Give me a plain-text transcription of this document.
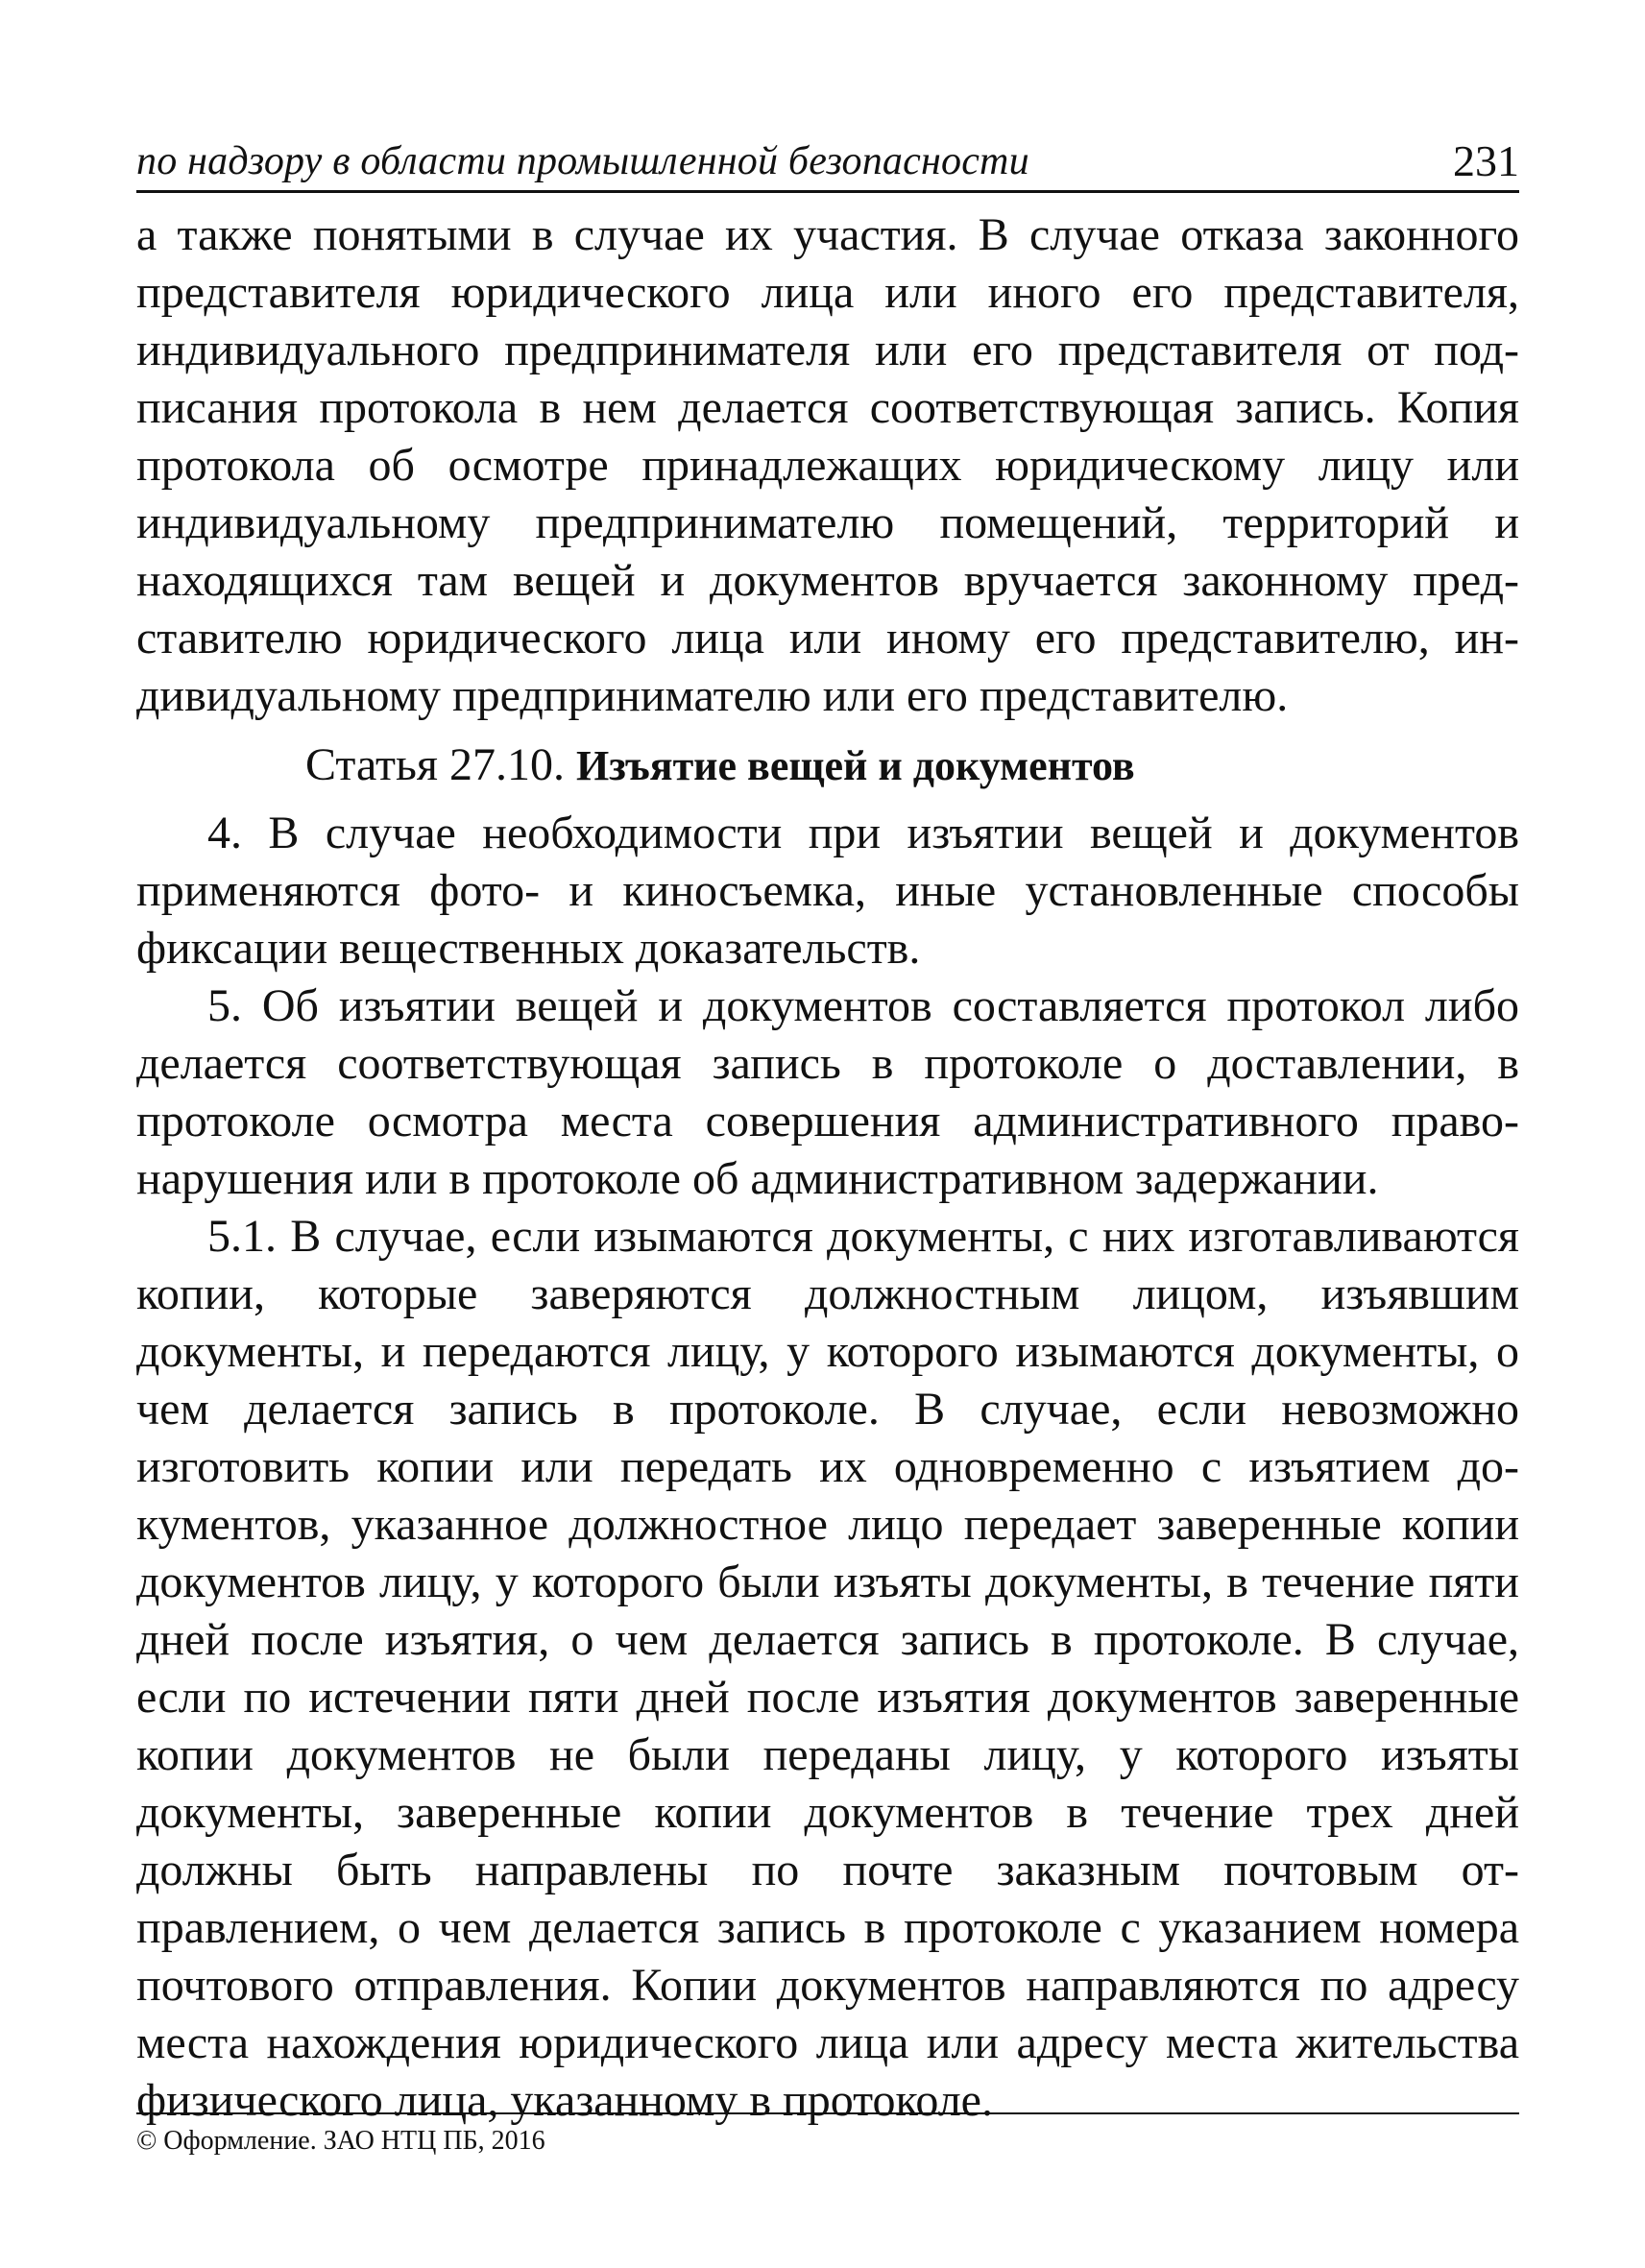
по надзору в области промышленной безопасности	231

а также понятыми в случае их участия. В случае отказа законного представителя юридического лица или иного его представителя, индивидуального предпринимателя или его представителя от подписания протокола в нем делается соответствующая запись. Копия протокола об осмотре принадлежащих юридическому лицу или индивидуальному предпринимателю помещений, территорий и находящихся там вещей и документов вручается законному представителю юридического лица или иному его представителю, индивидуальному предпринимателю или его представителю.

Статья 27.10. Изъятие вещей и документов

4. В случае необходимости при изъятии вещей и документов применяются фото- и киносъемка, иные установленные способы фиксации вещественных доказательств.

5. Об изъятии вещей и документов составляется протокол либо делается соответствующая запись в протоколе о доставлении, в протоколе осмотра места совершения административного правонарушения или в протоколе об административном задержании.

5.1. В случае, если изымаются документы, с них изготавливаются копии, которые заверяются должностным лицом, изъявшим документы, и передаются лицу, у которого изымаются документы, о чем делается запись в протоколе. В случае, если невозможно изготовить копии или передать их одновременно с изъятием документов, указанное должностное лицо передает заверенные копии документов лицу, у которого были изъяты документы, в течение пяти дней после изъятия, о чем делается запись в протоколе. В случае, если по истечении пяти дней после изъятия документов заверенные копии документов не были переданы лицу, у которого изъяты документы, заверенные копии документов в течение трех дней должны быть направлены по почте заказным почтовым отправлением, о чем делается запись в протоколе с указанием номера почтового отправления. Копии документов направляются по адресу места нахождения юридического лица или адресу места жительства физического лица, указанному в протоколе.

© Оформление. ЗАО НТЦ ПБ, 2016
